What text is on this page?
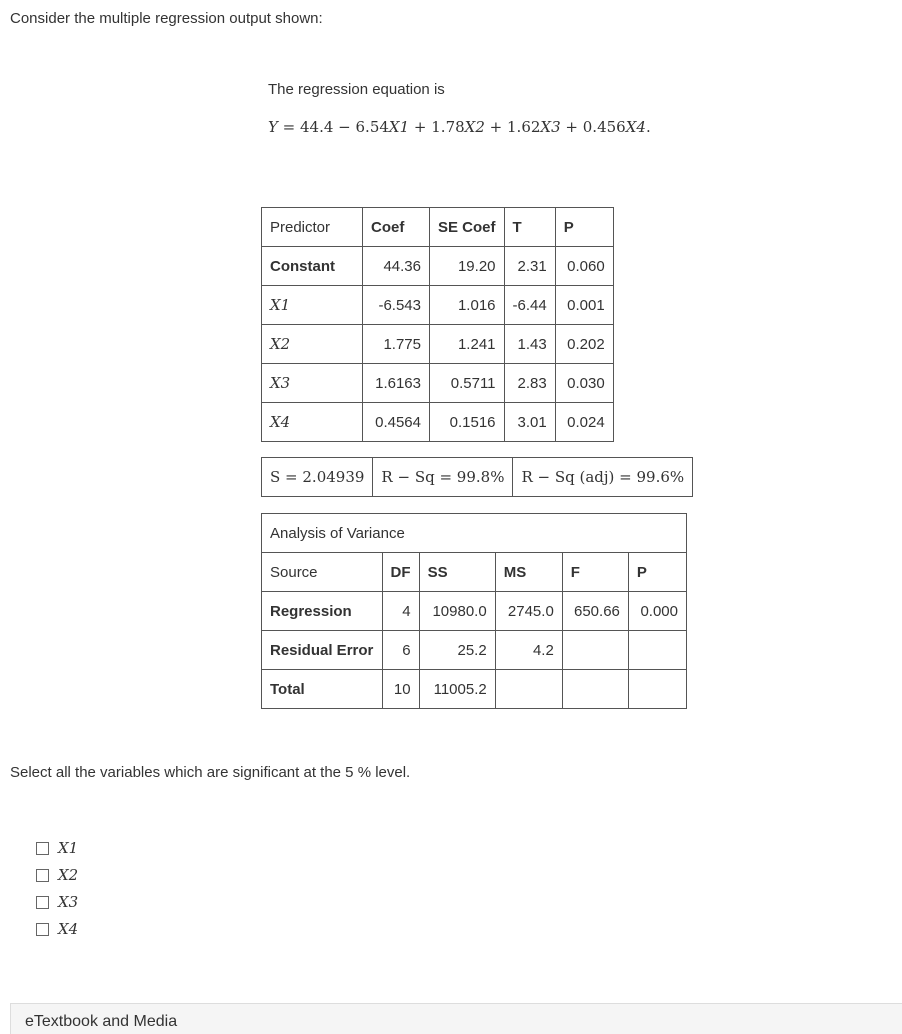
Consider the multiple regression output shown:
The regression equation is
Y = 44.4 − 6.54X1 + 1.78X2 + 1.62X3 + 0.456X4.
Predictor	Coef	SE Coef	T	P
Constant	44.36	19.20	2.31	0.060
X1	-6.543	1.016	-6.44	0.001
X2	1.775	1.241	1.43	0.202
X3	1.6163	0.5711	2.83	0.030
X4	0.4564	0.1516	3.01	0.024
S = 2.04939	R − Sq = 99.8%	R − Sq (adj) = 99.6%
Analysis of Variance					
Source	DF	SS	MS	F	P
Regression	4	10980.0	2745.0	650.66	0.000
Residual Error	6	25.2	4.2		
Total	10	11005.2			
Select all the variables which are significant at the 5 % level.
X1
X2
X3
X4
eTextbook and Media
